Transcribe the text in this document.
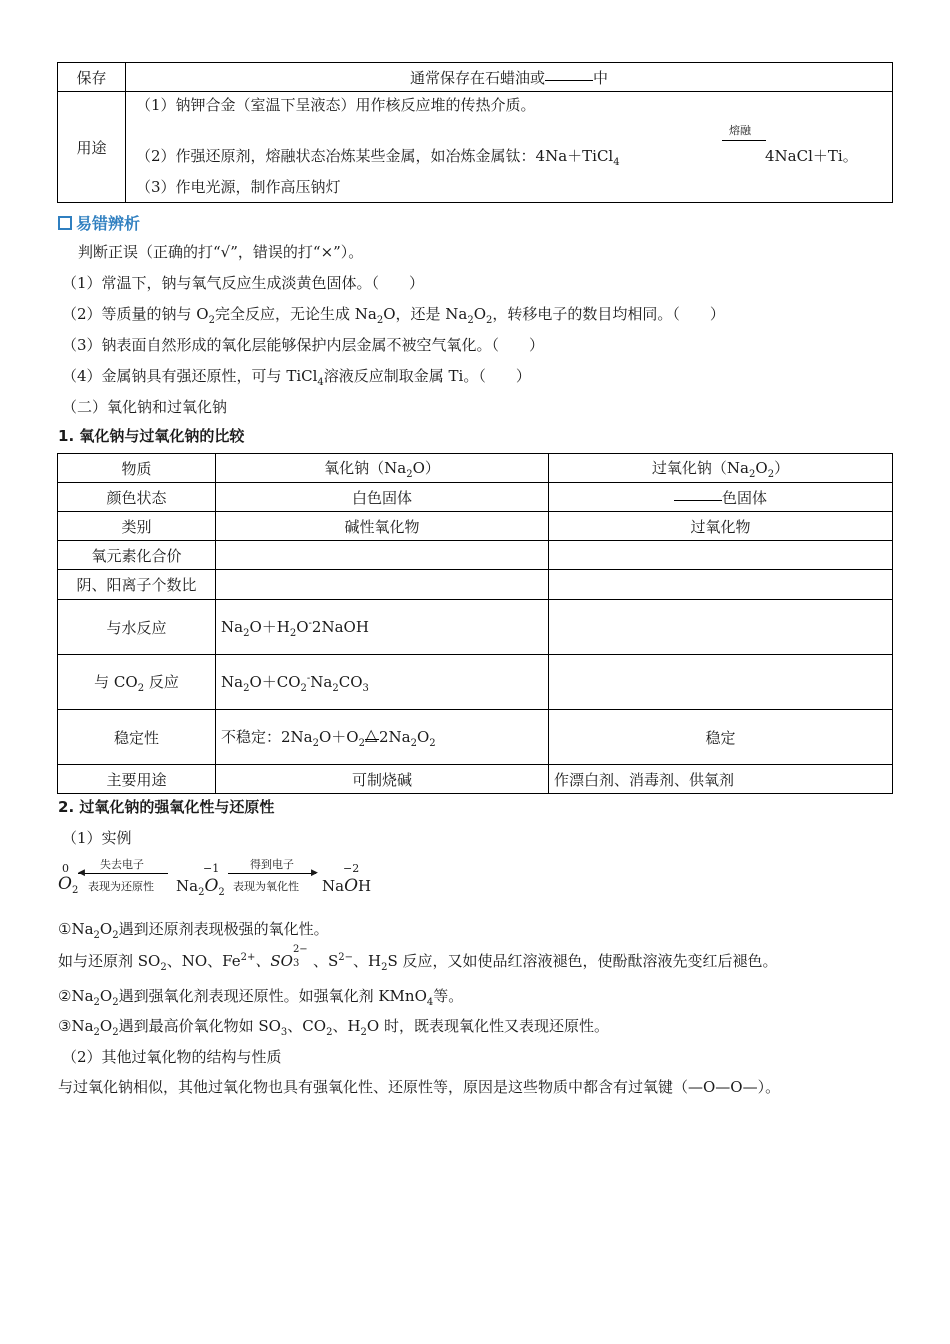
保存	通常保存在石蜡油或 中
用途	（1）钠钾合金（室温下呈液态）用作核反应堆的传热介质。
（2）作强还原剂，熔融状态冶炼某些金属，如冶炼金属钛：4Na＋TiCl$_4$
熔融
4NaCl＋Ti。
（3）作电光源，制作高压钠灯
易错辨析
判断正误（正确的打“√”，错误的打“×”）。
（1）常温下，钠与氧气反应生成淡黄色固体。（　　）
（2）等质量的钠与 $O_2$完全反应，无论生成 $Na_2O$，还是 $Na_2O_2$，转移电子的数目均相同。（　　）
（3）钠表面自然形成的氧化层能够保护内层金属不被空气氧化。（　　）
（4）金属钠具有强还原性，可与 TiCl$_4$溶液反应制取金属 Ti。（　　）
（二）氧化钠和过氧化钠
1. 氧化钠与过氧化钠的比较
物质	氧化钠$(Na_2O)$	过氧化钠$(Na_2O_2)$
颜色状态	白色固体	色固体
类别	碱性氧化物	过氧化物
氧元素化合价		
阴、阳离子个数比		
与水反应	$Na_2O+H_2O^-2NaOH$	
与 $CO_2$ 反应	$Na_2O+CO_2^-Na_2CO_3$	
稳定性	不稳定：$2Na_2O+O_2$ △ $2Na_2O_2$	稳定
主要用途	可制烧碱	作漂白剂、消毒剂、供氧剂
2. 过氧化钠的强氧化性与还原性
（1）实例
0
$O_2$
失去电子
◀
表现为还原性
−1
$Na_2O_2$
得到电子
▶
表现为氧化性
−2
NaOH
$①Na_2O_2$遇到还原剂表现极强的氧化性。
如与还原剂 $SO_2$、NO、$Fe^{2+}$、SO
2−
3 、$S^{2-}$、$H_2S$ 反应，又如使品红溶液褪色，使酚酞溶液先变红后褪色。
$②Na_2O_2$遇到强氧化剂表现还原性。如强氧化剂 KMnO$_4$等。
$③Na_2O_2$遇到最高价氧化物如 $SO_3$、$CO_2$、$H_2O$ 时，既表现氧化性又表现还原性。
（2）其他过氧化物的结构与性质
与过氧化钠相似，其他过氧化物也具有强氧化性、还原性等，原因是这些物质中都含有过氧键（—O—O—）。
